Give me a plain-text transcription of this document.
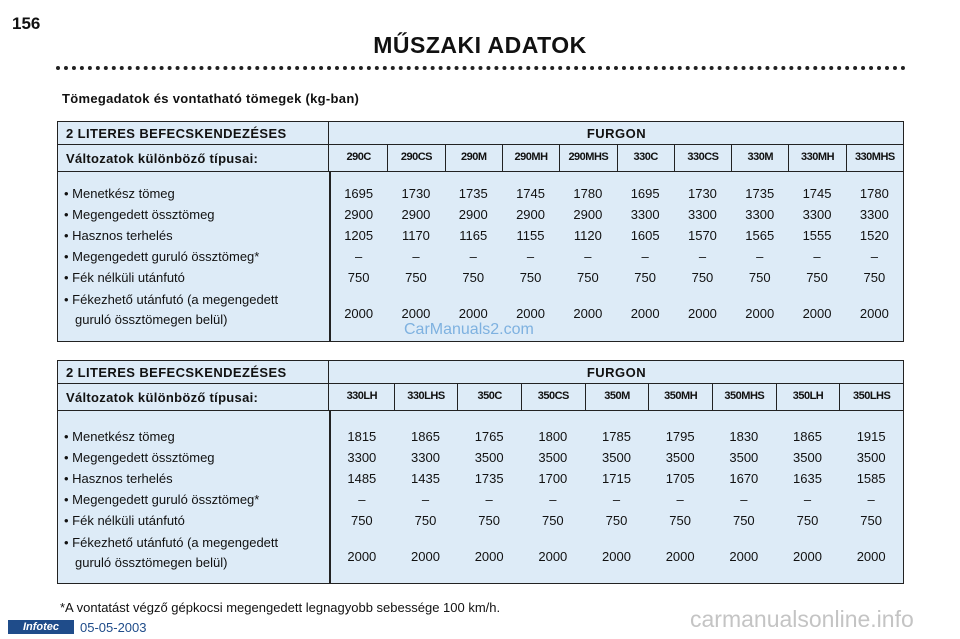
156
MŰSZAKI ADATOK
Tömegadatok és vontatható tömegek (kg-ban)
2 LITERES BEFECSKENDEZÉSES	FURGON
Változatok különböző típusai:	290C	290CS	290M	290MH	290MHS	330C	330CS	330M	330MH	330MHS
• Menetkész tömeg	1695	1730	1735	1745	1780	1695	1730	1735	1745	1780
• Megengedett össztömeg	2900	2900	2900	2900	2900	3300	3300	3300	3300	3300
• Hasznos terhelés	1205	1170	1165	1155	1120	1605	1570	1565	1555	1520
• Megengedett guruló össztömeg*	–	–	–	–	–	–	–	–	–	–
• Fék nélküli utánfutó	750	750	750	750	750	750	750	750	750	750
• Fékezhető utánfutó (a megengedett
guruló össztömegen belül)	2000	2000	2000	2000	2000	2000	2000	2000	2000	2000
2 LITERES BEFECSKENDEZÉSES	FURGON
Változatok különböző típusai:	330LH	330LHS	350C	350CS	350M	350MH	350MHS	350LH	350LHS
• Menetkész tömeg	1815	1865	1765	1800	1785	1795	1830	1865	1915
• Megengedett össztömeg	3300	3300	3500	3500	3500	3500	3500	3500	3500
• Hasznos terhelés	1485	1435	1735	1700	1715	1705	1670	1635	1585
• Megengedett guruló össztömeg*	–	–	–	–	–	–	–	–	–
• Fék nélküli utánfutó	750	750	750	750	750	750	750	750	750
• Fékezhető utánfutó (a megengedett
guruló össztömegen belül)	2000	2000	2000	2000	2000	2000	2000	2000	2000
CarManuals2.com
*A vontatást végző gépkocsi megengedett legnagyobb sebessége 100 km/h.
Infotec	05-05-2003	carmanualsonline.info
